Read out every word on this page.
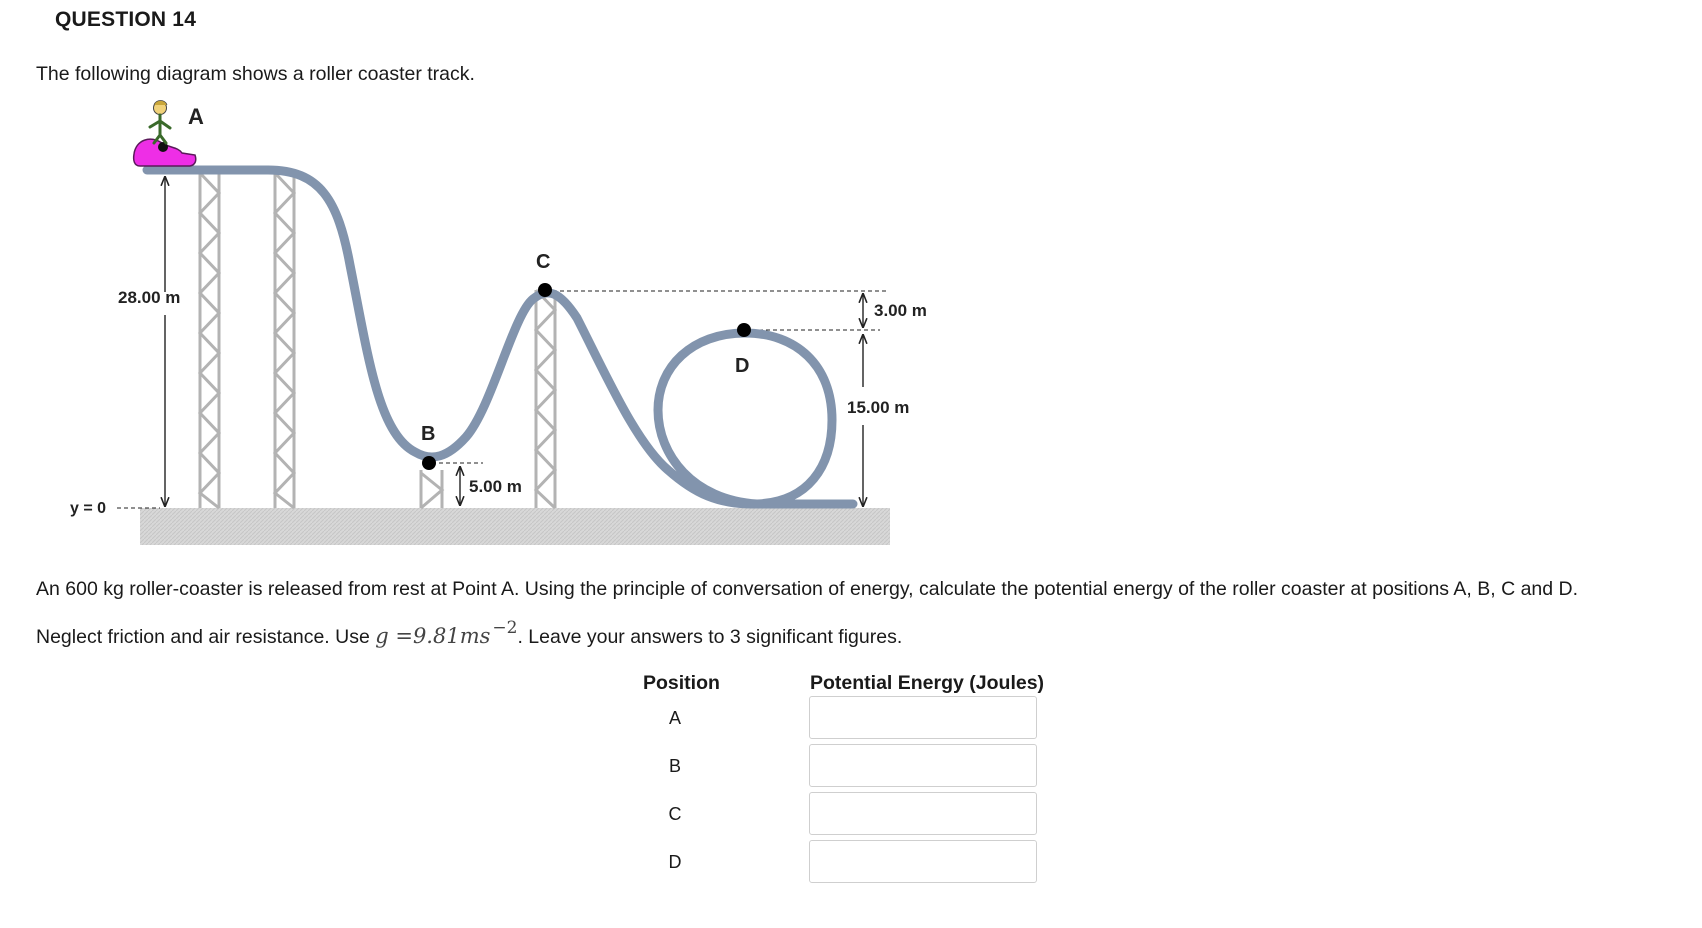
QUESTION 14
The following diagram shows a roller coaster track.
28.00 m
y = 0
5.00 m
3.00 m
15.00 m
A
B
C
D
An 600 kg roller-coaster is released from rest at Point A. Using the principle of conversation of energy, calculate the potential energy of the roller coaster at positions A, B, C and D.
Neglect friction and air resistance. Use g =9.81ms −2. Leave your answers to 3 significant figures.
Position	Potential Energy (Joules)
A
B
C
D
